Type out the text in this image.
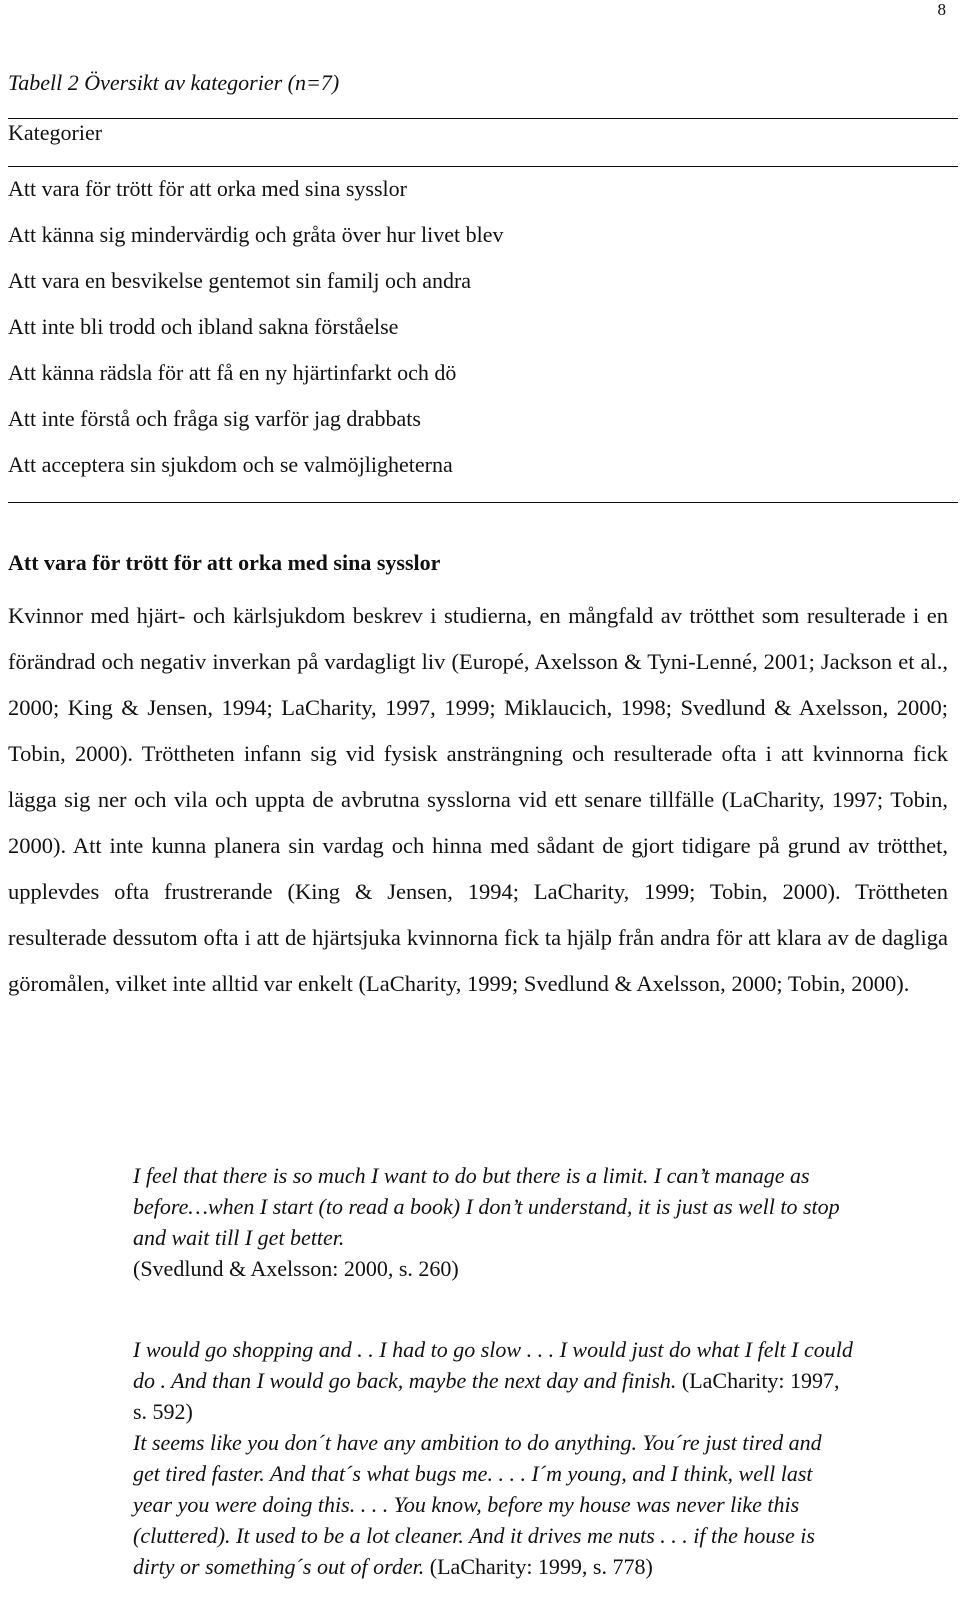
8
Tabell 2 Översikt av kategorier (n=7)
Kategorier
Att vara för trött för att orka med sina sysslor
Att känna sig mindervärdig och gråta över hur livet blev
Att vara en besvikelse gentemot sin familj och andra
Att inte bli trodd och ibland sakna förståelse
Att känna rädsla för att få en ny hjärtinfarkt och dö
Att inte förstå och fråga sig varför jag drabbats
Att acceptera sin sjukdom och se valmöjligheterna
Att vara för trött för att orka med sina sysslor

Kvinnor med hjärt- och kärlsjukdom beskrev i studierna, en mångfald av trötthet som resulterade i en förändrad och negativ inverkan på vardagligt liv (Europé, Axelsson & Tyni-Lenné, 2001; Jackson et al., 2000; King & Jensen, 1994; LaCharity, 1997, 1999; Miklaucich, 1998; Svedlund & Axelsson, 2000; Tobin, 2000). Tröttheten infann sig vid fysisk ansträngning och resulterade ofta i att kvinnorna fick lägga sig ner och vila och uppta de avbrutna sysslorna vid ett senare tillfälle (LaCharity, 1997; Tobin, 2000). Att inte kunna planera sin vardag och hinna med sådant de gjort tidigare på grund av trötthet, upplevdes ofta frustrerande (King & Jensen, 1994; LaCharity, 1999; Tobin, 2000). Tröttheten resulterade dessutom ofta i att de hjärtsjuka kvinnorna fick ta hjälp från andra för att klara av de dagliga göromålen, vilket inte alltid var enkelt (LaCharity, 1999; Svedlund & Axelsson, 2000; Tobin, 2000).

I feel that there is so much I want to do but there is a limit. I can’t manage as before…when I start (to read a book) I don’t understand, it is just as well to stop and wait till I get better.
(Svedlund & Axelsson: 2000, s. 260)

I would go shopping and . . I had to go slow . . . I would just do what I felt I could do . And than I would go back, maybe the next day and finish. (LaCharity: 1997, s. 592)
It seems like you don´t have any ambition to do anything. You´re just tired and get tired faster. And that´s what bugs me. . . . I´m young, and I think, well last year you were doing this. . . . You know, before my house was never like this (cluttered). It used to be a lot cleaner. And it drives me nuts . . . if the house is dirty or something´s out of order. (LaCharity: 1999, s. 778)
